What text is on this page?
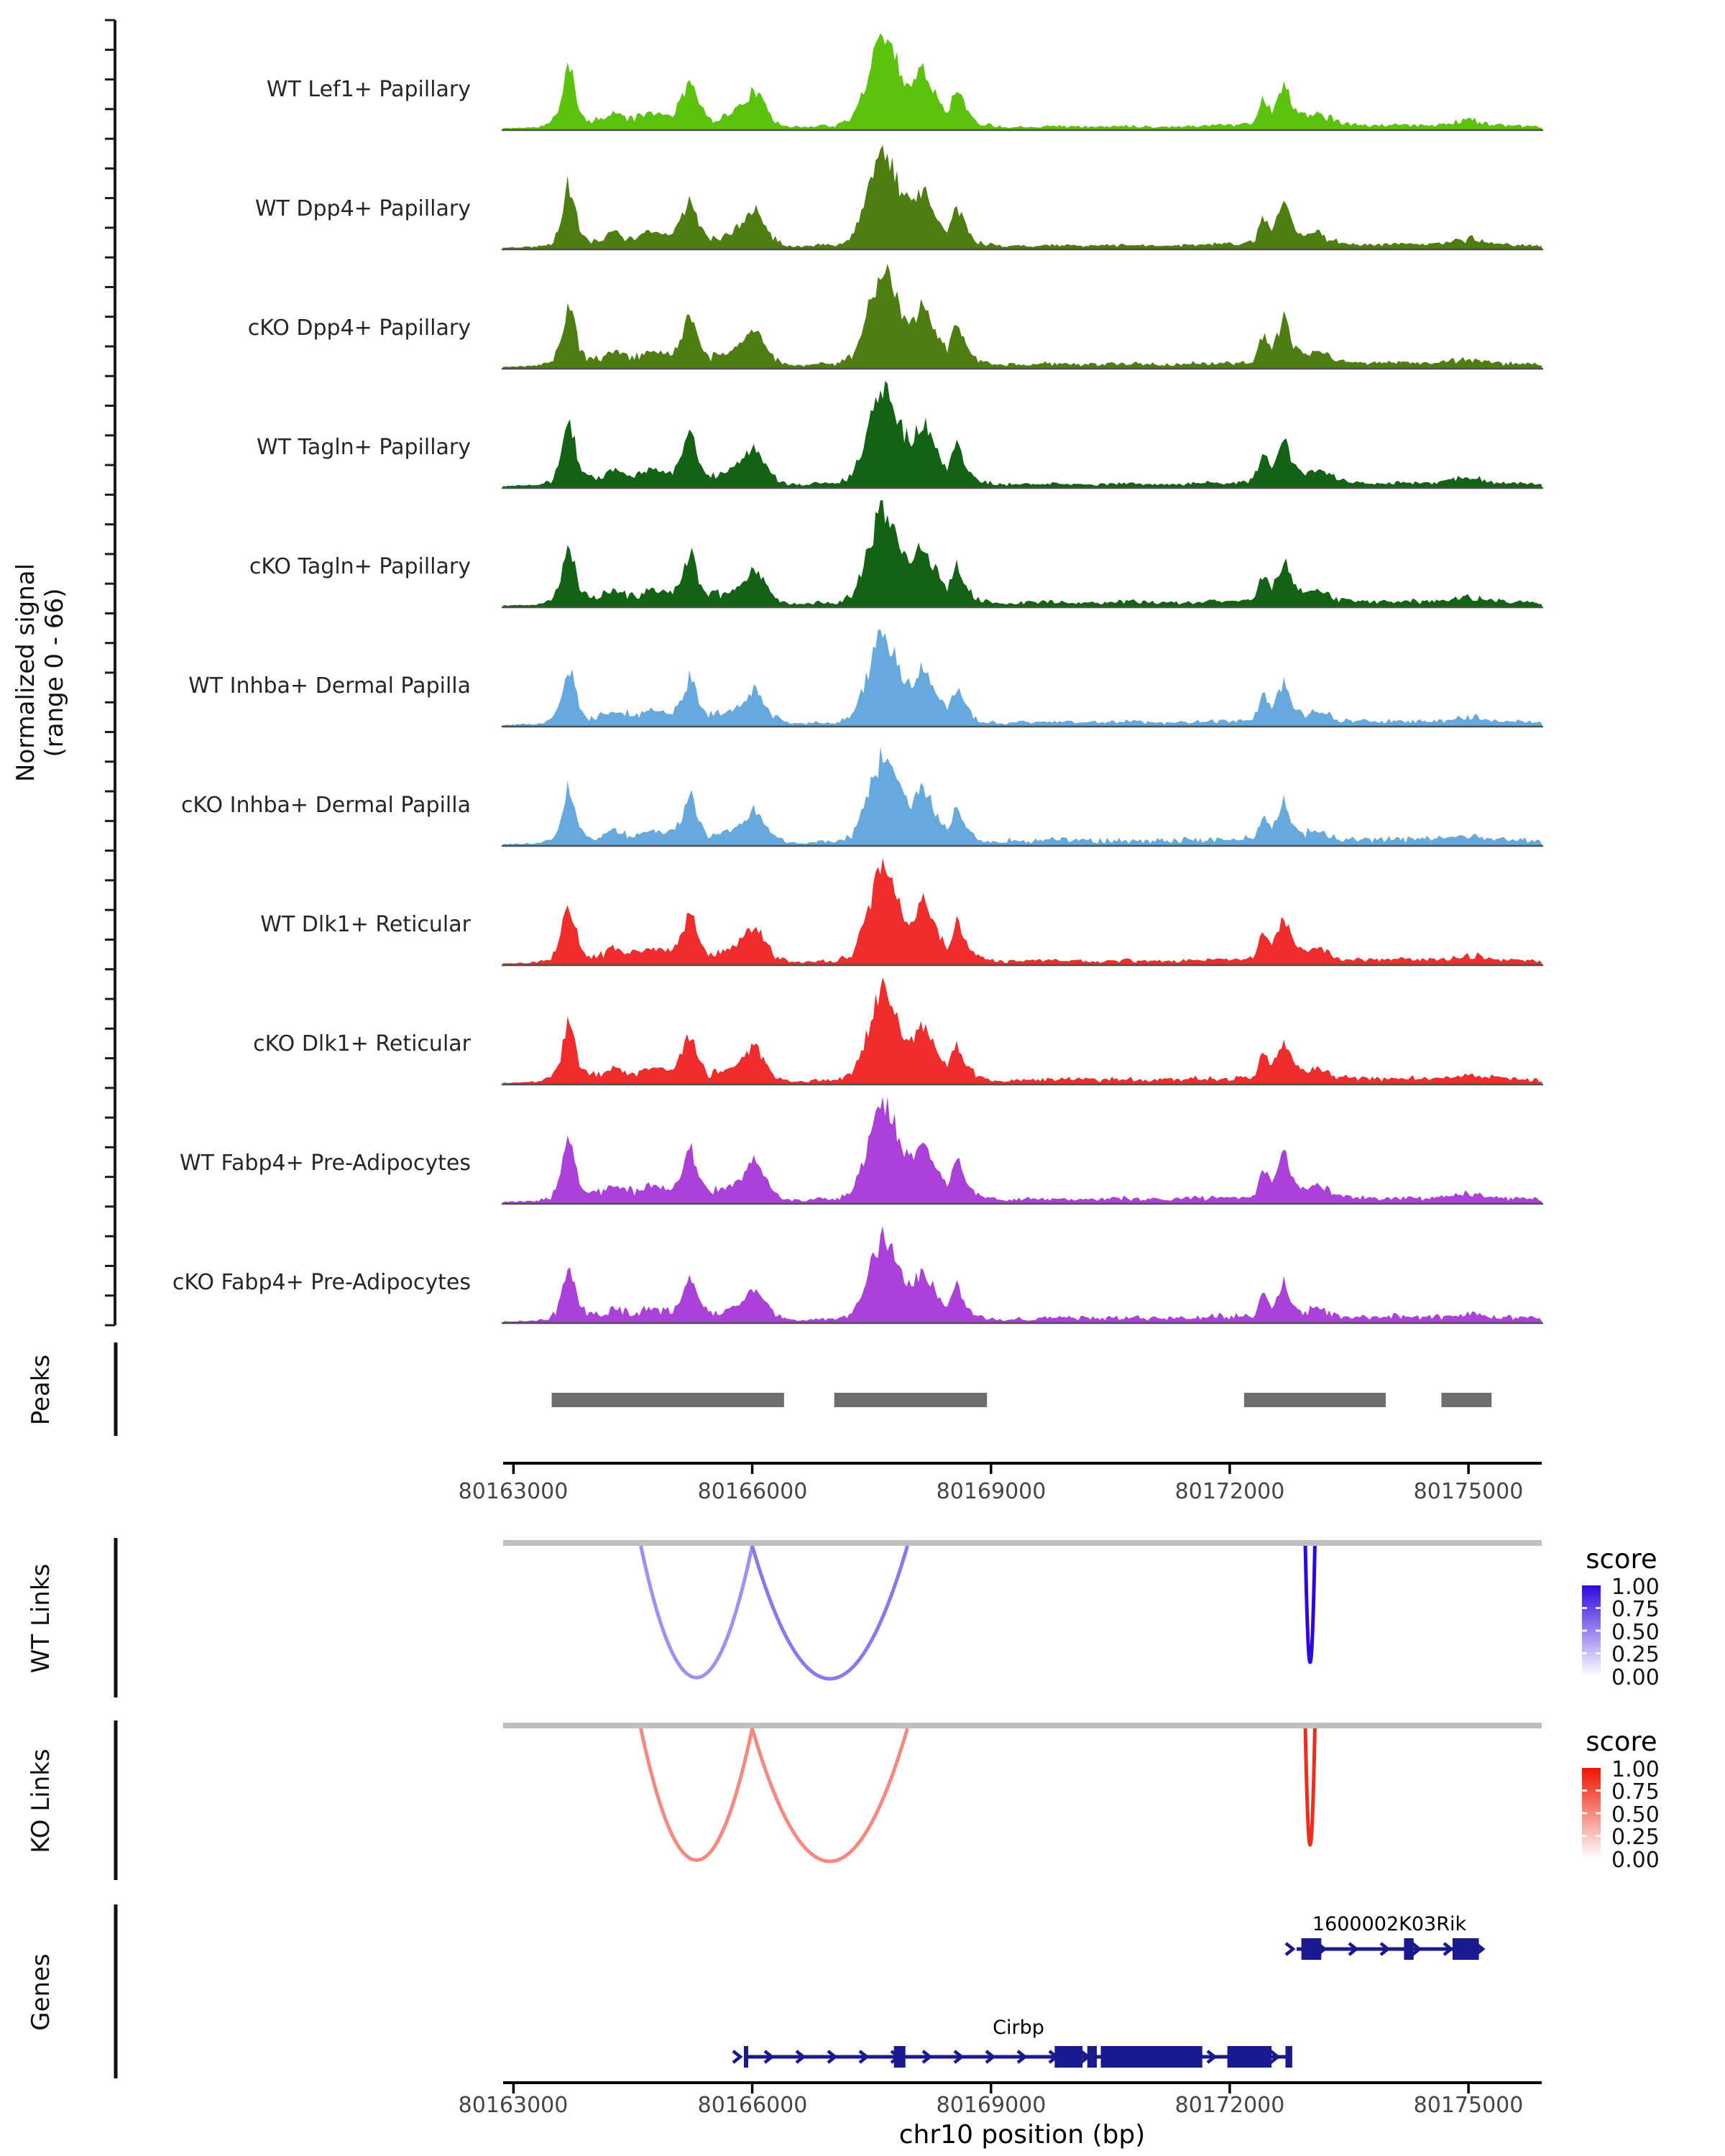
Normalized signal (range 0 - 66)
WT Lef1+ Papillary
WT Dpp4+ Papillary
cKO Dpp4+ Papillary
WT Tagln+ Papillary
cKO Tagln+ Papillary
WT Inhba+ Dermal Papilla
cKO Inhba+ Dermal Papilla
WT Dlk1+ Reticular
cKO Dlk1+ Reticular
WT Fabp4+ Pre-Adipocytes
cKO Fabp4+ Pre-Adipocytes
Peaks
WT Links
KO Links
Genes
80163000	80166000	80169000	80172000	80175000
score
1.00
0.75
0.50
0.25
0.00
score
1.00
0.75
0.50
0.25
0.00
1600002K03Rik
Cirbp
80163000	80166000	80169000	80172000	80175000
chr10 position (bp)
